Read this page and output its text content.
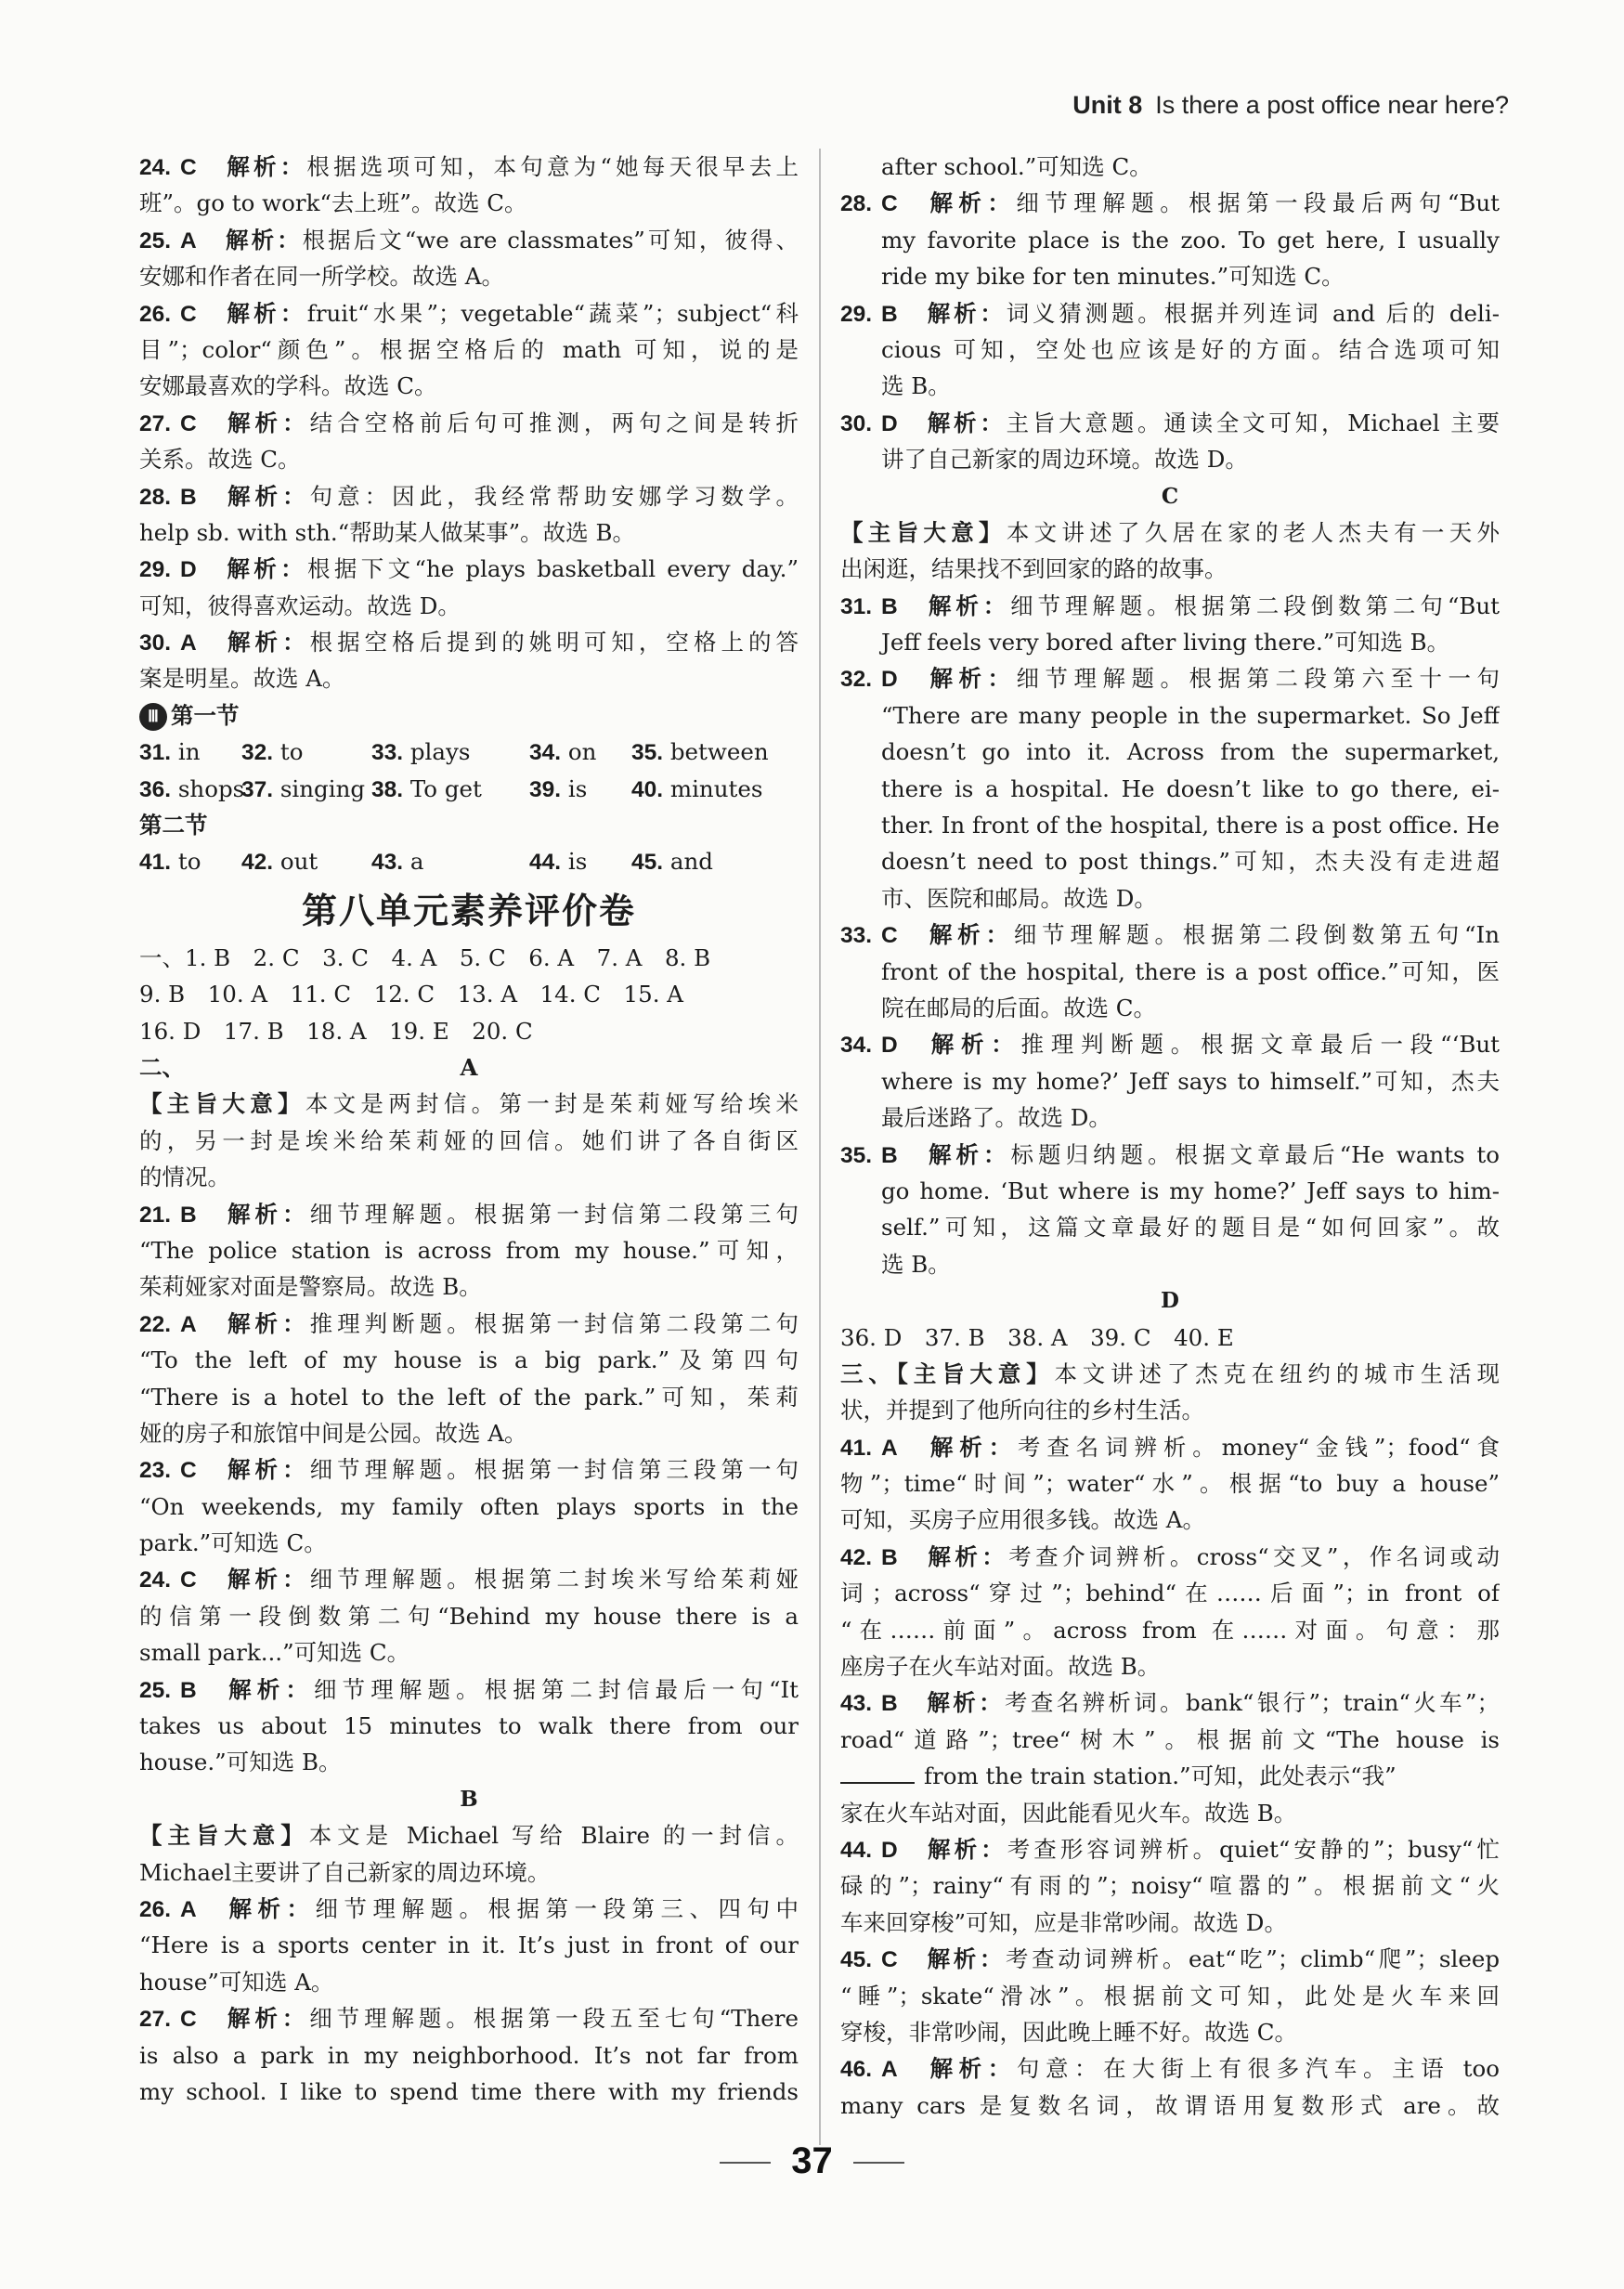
Unit 8 Is there a post office near here?
24. C 解析：根据选项可知，本句意为“她每天很早去上
班”。go to work“去上班”。故选 C。
25. A 解析：根据后文“we are classmates”可知，彼得、
安娜和作者在同一所学校。故选 A。
26. C 解析：fruit“水果”；vegetable“蔬菜”；subject“科
目”；color“颜色”。根据空格后的 math 可知，说的是
安娜最喜欢的学科。故选 C。
27. C 解析：结合空格前后句可推测，两句之间是转折
关系。故选 C。
28. B 解析：句意：因此，我经常帮助安娜学习数学。
help sb. with sth.“帮助某人做某事”。故选 B。
29. D 解析：根据下文“he plays basketball every day.”
可知，彼得喜欢运动。故选 D。
30. A 解析：根据空格后提到的姚明可知，空格上的答
案是明星。故选 A。
Ⅲ 第一节
31. in 32. to	33. plays	34. on 35. between
36. shops37. singing 38. To get 39. is 40. minutes
第二节
41. to 42. out 43. a	44. is 45. and
第八单元素养评价卷
一、1. B　2. C　3. C　4. A　5. C　6. A　7. A　8. B
9. B　10. A　11. C　12. C　13. A　14. C　15. A
16. D　17. B　18. A　19. E　20. C
二、	A
【主旨大意】本文是两封信。第一封是茱莉娅写给埃米
的，另一封是埃米给茱莉娅的回信。她们讲了各自街区
的情况。
21. B 解析：细节理解题。根据第一封信第二段第三句
“The police station is across from my house.”可知，
茱莉娅家对面是警察局。故选 B。
22. A 解析：推理判断题。根据第一封信第二段第二句
“To the left of my house is a big park.”及第四句
“There is a hotel to the left of the park.”可知，茱莉
娅的房子和旅馆中间是公园。故选 A。
23. C 解析：细节理解题。根据第一封信第三段第一句
“On weekends, my family often plays sports in the
park.”可知选 C。
24. C 解析：细节理解题。根据第二封埃米写给茱莉娅
的信第一段倒数第二句“Behind my house there is a
small park...”可知选 C。
25. B 解析：细节理解题。根据第二封信最后一句“It
takes us about 15 minutes to walk there from our
house.”可知选 B。
B
【主旨大意】本文是 Michael 写给 Blaire 的一封信。
Michael主要讲了自己新家的周边环境。
26. A 解析：细节理解题。根据第一段第三、四句中
“Here is a sports center in it. It’s just in front of our
house”可知选 A。
27. C 解析：细节理解题。根据第一段五至七句“There
is also a park in my neighborhood. It’s not far from
my school. I like to spend time there with my friends
after school.”可知选 C。
28. C 解析：细节理解题。根据第一段最后两句“But
my favorite place is the zoo. To get here, I usually
ride my bike for ten minutes.”可知选 C。
29. B 解析：词义猜测题。根据并列连词 and 后的 deli-
cious 可知，空处也应该是好的方面。结合选项可知
选 B。
30. D 解析：主旨大意题。通读全文可知，Michael 主要
讲了自己新家的周边环境。故选 D。
C
【主旨大意】本文讲述了久居在家的老人杰夫有一天外
出闲逛，结果找不到回家的路的故事。
31. B 解析：细节理解题。根据第二段倒数第二句“But
Jeff feels very bored after living there.”可知选 B。
32. D 解析：细节理解题。根据第二段第六至十一句
“There are many people in the supermarket. So Jeff
doesn’t go into it. Across from the supermarket,
there is a hospital. He doesn’t like to go there, ei-
ther. In front of the hospital, there is a post office. He
doesn’t need to post things.”可知，杰夫没有走进超
市、医院和邮局。故选 D。
33. C 解析：细节理解题。根据第二段倒数第五句“In
front of the hospital, there is a post office.”可知，医
院在邮局的后面。故选 C。
34. D 解析：推理判断题。根据文章最后一段“‘But
where is my home?’ Jeff says to himself.”可知，杰夫
最后迷路了。故选 D。
35. B 解析：标题归纳题。根据文章最后“He wants to
go home. ‘But where is my home?’ Jeff says to him-
self.”可知，这篇文章最好的题目是“如何回家”。故
选 B。
D
36. D　37. B　38. A　39. C　40. E
三、【主旨大意】本文讲述了杰克在纽约的城市生活现
状，并提到了他所向往的乡村生活。
41. A 解析：考查名词辨析。money“金钱”；food“食
物”；time“时间”；water“水”。根据“to buy a house”
可知，买房子应用很多钱。故选 A。
42. B 解析：考查介词辨析。cross“交叉”，作名词或动
词；across“穿过”；behind“在……后面”；in front of
“在……前面”。across from 在……对面。句意：那
座房子在火车站对面。故选 B。
43. B 解析：考查名辨析词。bank“银行”；train“火车”；
road“道路”；tree“树木”。根据前文“The house is
from the train station.”可知，此处表示“我”
家在火车站对面，因此能看见火车。故选 B。
44. D 解析：考查形容词辨析。quiet“安静的”；busy“忙
碌的”；rainy“有雨的”；noisy“喧嚣的”。根据前文“火
车来回穿梭”可知，应是非常吵闹。故选 D。
45. C 解析：考查动词辨析。eat“吃”；climb“爬”；sleep
“睡”；skate“滑冰”。根据前文可知，此处是火车来回
穿梭，非常吵闹，因此晚上睡不好。故选 C。
46. A 解析：句意：在大街上有很多汽车。主语 too
many cars 是复数名词，故谓语用复数形式 are。故
37
